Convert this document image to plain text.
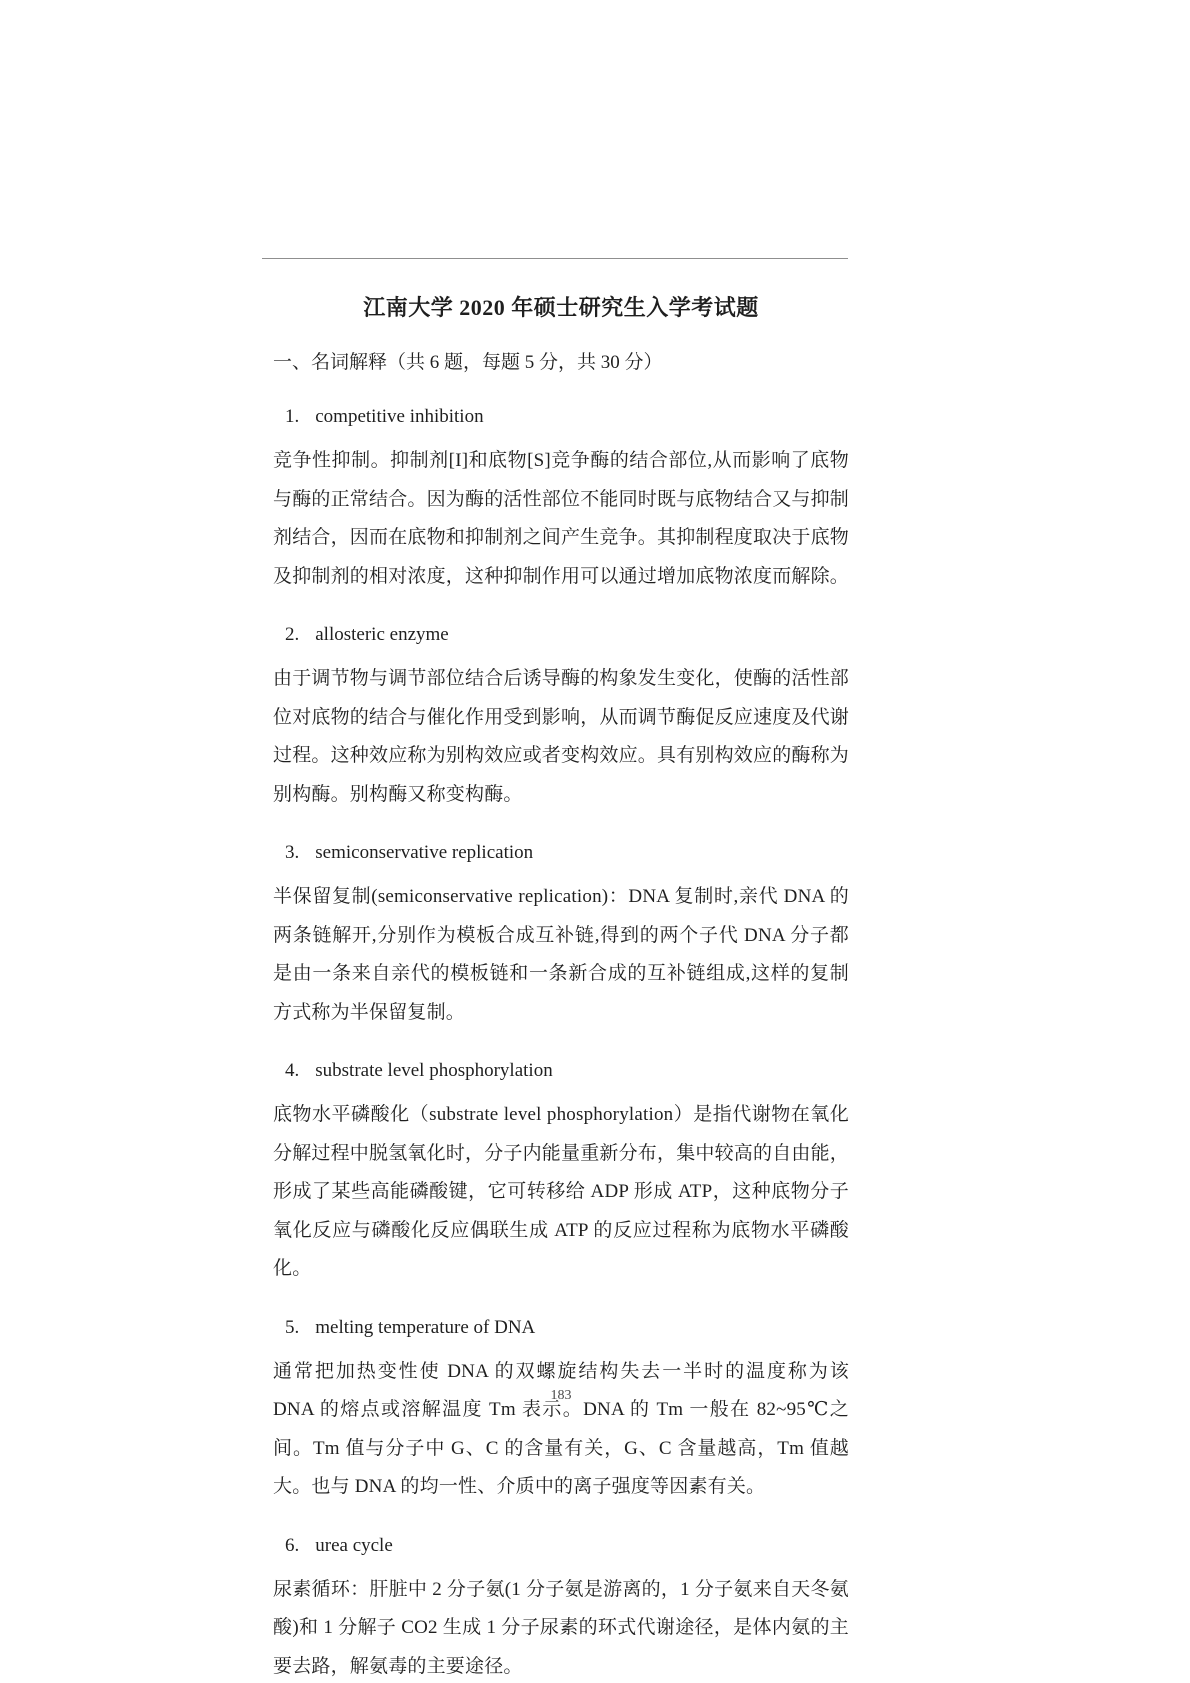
江南大学 2020 年硕士研究生入学考试题
一、名词解释（共 6 题，每题 5 分，共 30 分）
1. competitive inhibition

竞争性抑制。抑制剂[I]和底物[S]竞争酶的结合部位,从而影响了底物与酶的正常结合。因为酶的活性部位不能同时既与底物结合又与抑制剂结合，因而在底物和抑制剂之间产生竞争。其抑制程度取决于底物及抑制剂的相对浓度，这种抑制作用可以通过增加底物浓度而解除。

2. allosteric enzyme

由于调节物与调节部位结合后诱导酶的构象发生变化，使酶的活性部位对底物的结合与催化作用受到影响，从而调节酶促反应速度及代谢过程。这种效应称为别构效应或者变构效应。具有别构效应的酶称为别构酶。别构酶又称变构酶。

3. semiconservative replication

半保留复制(semiconservative replication)：DNA 复制时,亲代 DNA 的两条链解开,分别作为模板合成互补链,得到的两个子代 DNA 分子都是由一条来自亲代的模板链和一条新合成的互补链组成,这样的复制方式称为半保留复制。

4. substrate level phosphorylation

底物水平磷酸化（substrate level phosphorylation）是指代谢物在氧化分解过程中脱氢氧化时，分子内能量重新分布，集中较高的自由能，形成了某些高能磷酸键，它可转移给 ADP 形成 ATP，这种底物分子氧化反应与磷酸化反应偶联生成 ATP 的反应过程称为底物水平磷酸化。

5. melting temperature of DNA

通常把加热变性使 DNA 的双螺旋结构失去一半时的温度称为该 DNA 的熔点或溶解温度 Tm 表示。DNA 的 Tm 一般在 82~95℃之间。Tm 值与分子中 G、C 的含量有关，G、C 含量越高，Tm 值越大。也与 DNA 的均一性、介质中的离子强度等因素有关。

6. urea cycle

尿素循环：肝脏中 2 分子氨(1 分子氨是游离的，1 分子氨来自天冬氨酸)和 1 分解子 CO2 生成 1 分子尿素的环式代谢途径，是体内氨的主要去路，解氨毒的主要途径。

183
